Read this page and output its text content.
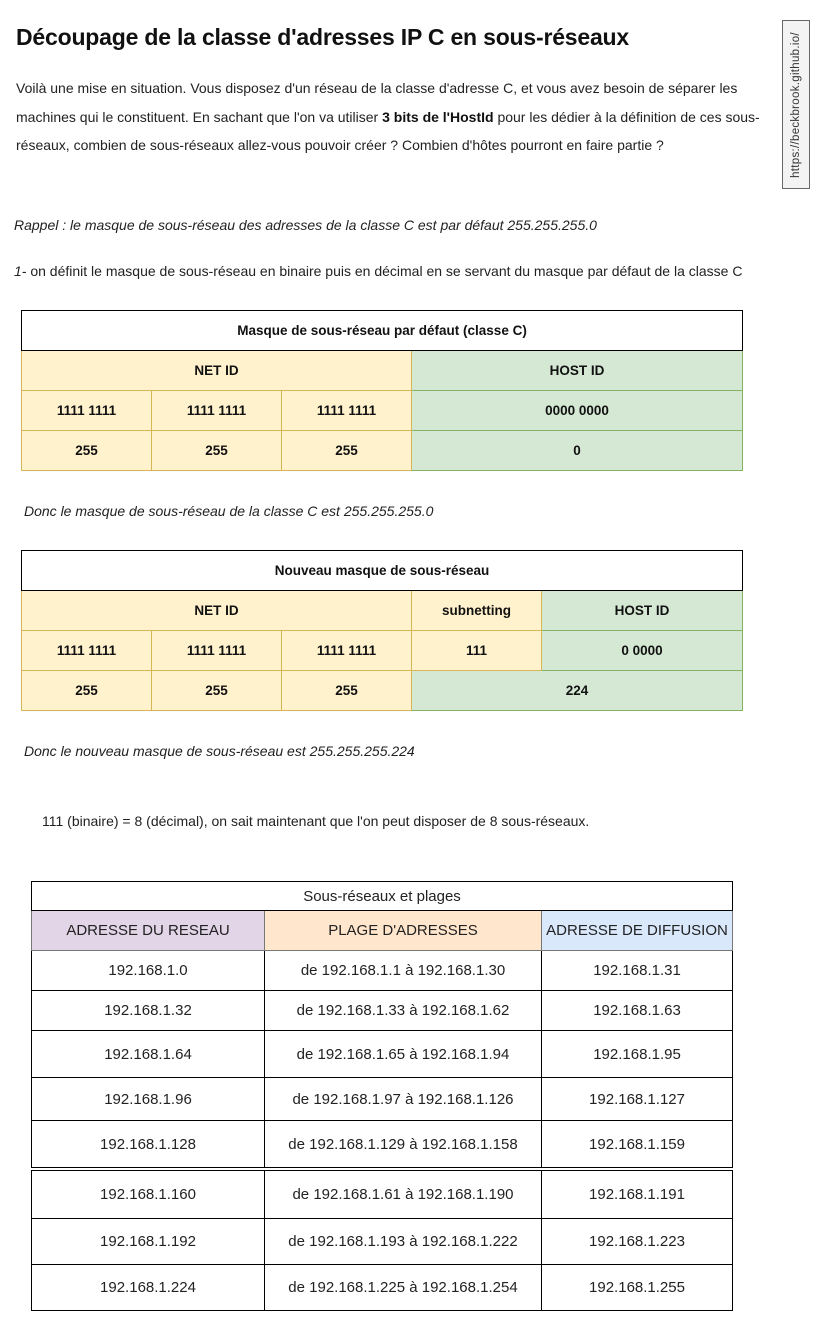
Découpage de la classe d'adresses IP C en sous-réseaux

Voilà une mise en situation. Vous disposez d'un réseau de la classe d'adresse C, et vous avez besoin de séparer les machines qui le constituent. En sachant que l'on va utiliser 3 bits de l'HostId pour les dédier à la définition de ces sous-réseaux, combien de sous-réseaux allez-vous pouvoir créer ? Combien d'hôtes pourront en faire partie ?	https://beckbrook.github.io/
Rappel : le masque de sous-réseau des adresses de la classe C est par défaut 255.255.255.0
1- on définit le masque de sous-réseau en binaire puis en décimal en se servant du masque par défaut de la classe C
Masque de sous-réseau par défaut (classe C)			
NET ID			HOST ID
1111 1111	1111 1111	1111 1111	0000 0000
255	255	255	0
Donc le masque de sous-réseau de la classe C est 255.255.255.0
Nouveau masque de sous-réseau				
NET ID			subnetting	HOST ID
1111 1111	1111 1111	1111 1111	111	0 0000
255	255	255	224	
Donc le nouveau masque de sous-réseau est 255.255.255.224
111 (binaire) = 8 (décimal), on sait maintenant que l'on peut disposer de 8 sous-réseaux.
Sous-réseaux et plages		
ADRESSE DU RESEAU	PLAGE D'ADRESSES	ADRESSE DE DIFFUSION
192.168.1.0	de 192.168.1.1 à 192.168.1.30	192.168.1.31
192.168.1.32	de 192.168.1.33 à 192.168.1.62	192.168.1.63
192.168.1.64	de 192.168.1.65 à 192.168.1.94	192.168.1.95
192.168.1.96	de 192.168.1.97 à 192.168.1.126	192.168.1.127
192.168.1.128	de 192.168.1.129 à 192.168.1.158	192.168.1.159
192.168.1.160	de 192.168.1.61 à 192.168.1.190	192.168.1.191
192.168.1.192	de 192.168.1.193 à 192.168.1.222	192.168.1.223
192.168.1.224	de 192.168.1.225 à 192.168.1.254	192.168.1.255
